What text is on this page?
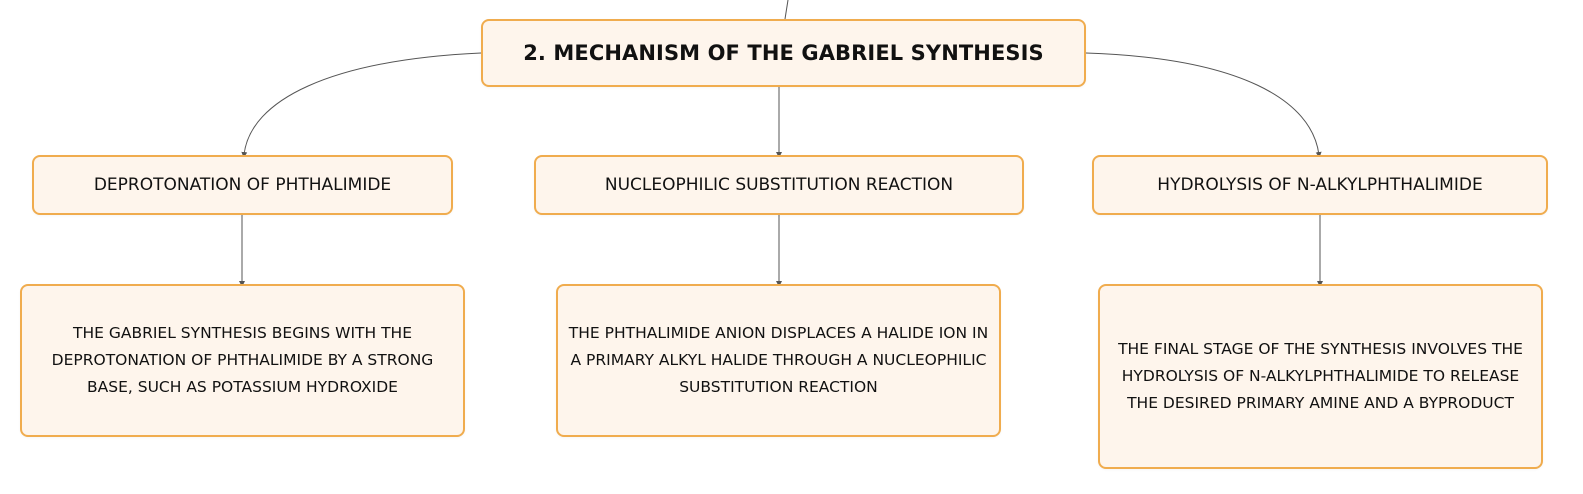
2. MECHANISM OF THE GABRIEL SYNTHESIS
DEPROTONATION OF PHTHALIMIDE	NUCLEOPHILIC SUBSTITUTION REACTION	HYDROLYSIS OF N-ALKYLPHTHALIMIDE
THE GABRIEL SYNTHESIS BEGINS WITH THE DEPROTONATION OF PHTHALIMIDE BY A STRONG BASE, SUCH AS POTASSIUM HYDROXIDE
THE PHTHALIMIDE ANION DISPLACES A HALIDE ION IN A PRIMARY ALKYL HALIDE THROUGH A NUCLEOPHILIC SUBSTITUTION REACTION
THE FINAL STAGE OF THE SYNTHESIS INVOLVES THE HYDROLYSIS OF N-ALKYLPHTHALIMIDE TO RELEASE THE DESIRED PRIMARY AMINE AND A BYPRODUCT
